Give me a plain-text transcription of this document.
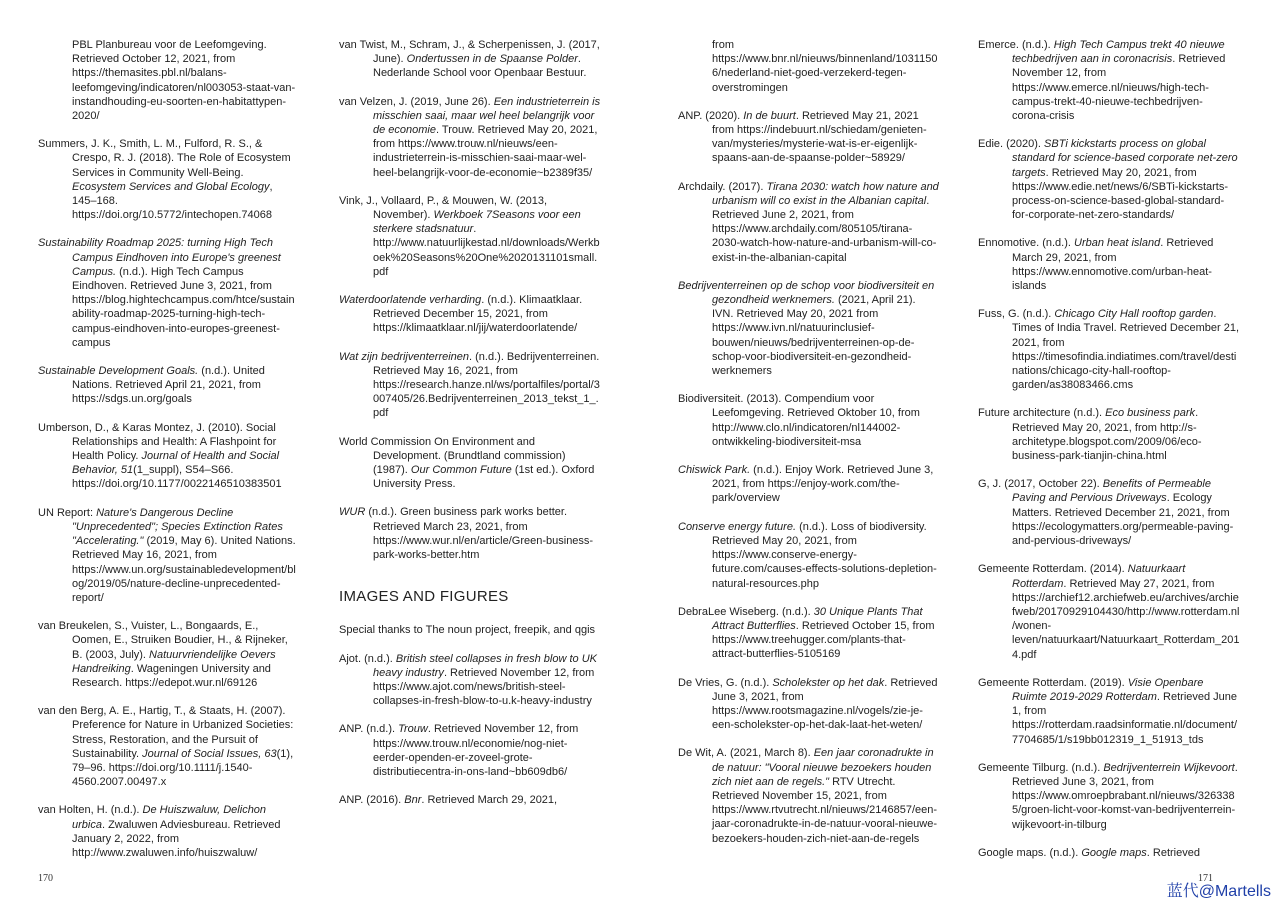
PBL Planbureau voor de Leefomgeving. Retrieved October 12, 2021, from https://themasites.pbl.nl/balans-leefomgeving/indicatoren/nl003053-staat-van-instandhouding-eu-soorten-en-habitattypen-2020/

Summers, J. K., Smith, L. M., Fulford, R. S., & Crespo, R. J. (2018). The Role of Ecosystem Services in Community Well-Being. Ecosystem Services and Global Ecology, 145–168. https://doi.org/10.5772/intechopen.74068

Sustainability Roadmap 2025: turning High Tech Campus Eindhoven into Europe's greenest Campus. (n.d.). High Tech Campus Eindhoven. Retrieved June 3, 2021, from https://blog.hightechcampus.com/htce/sustainability-roadmap-2025-turning-high-tech-campus-eindhoven-into-europes-greenest-campus

Sustainable Development Goals. (n.d.). United Nations. Retrieved April 21, 2021, from https://sdgs.un.org/goals

Umberson, D., & Karas Montez, J. (2010). Social Relationships and Health: A Flashpoint for Health Policy. Journal of Health and Social Behavior, 51(1_suppl), S54–S66. https://doi.org/10.1177/0022146510383501

UN Report: Nature's Dangerous Decline "Unprecedented"; Species Extinction Rates "Accelerating." (2019, May 6). United Nations. Retrieved May 16, 2021, from https://www.un.org/sustainabledevelopment/blog/2019/05/nature-decline-unprecedented-report/

van Breukelen, S., Vuister, L., Bongaards, E., Oomen, E., Struiken Boudier, H., & Rijneker, B. (2003, July). Natuurvriendelijke Oevers Handreiking. Wageningen University and Research. https://edepot.wur.nl/69126

van den Berg, A. E., Hartig, T., & Staats, H. (2007). Preference for Nature in Urbanized Societies: Stress, Restoration, and the Pursuit of Sustainability. Journal of Social Issues, 63(1), 79–96. https://doi.org/10.1111/j.1540-4560.2007.00497.x

van Holten, H. (n.d.). De Huiszwaluw, Delichon urbica. Zwaluwen Adviesbureau. Retrieved January 2, 2022, from http://www.zwaluwen.info/huiszwaluw/

van Twist, M., Schram, J., & Scherpenissen, J. (2017, June). Ondertussen in de Spaanse Polder. Nederlande School voor Openbaar Bestuur.

van Velzen, J. (2019, June 26). Een industrieterrein is misschien saai, maar wel heel belangrijk voor de economie. Trouw. Retrieved May 20, 2021, from https://www.trouw.nl/nieuws/een-industrieterrein-is-misschien-saai-maar-wel-heel-belangrijk-voor-de-economie~b2389f35/

Vink, J., Vollaard, P., & Mouwen, W. (2013, November). Werkboek 7Seasons voor een sterkere stadsnatuur. http://www.natuurlijkestad.nl/downloads/Werkboek%20Seasons%20One%2020131101small.pdf

Waterdoorlatende verharding. (n.d.). Klimaatklaar. Retrieved December 15, 2021, from https://klimaatklaar.nl/jij/waterdoorlatende/

Wat zijn bedrijventerreinen. (n.d.). Bedrijventerreinen. Retrieved May 16, 2021, from https://research.hanze.nl/ws/portalfiles/portal/3007405/26.Bedrijventerreinen_2013_tekst_1_.pdf

World Commission On Environment and Development. (Brundtland commission) (1987). Our Common Future (1st ed.). Oxford University Press.

WUR (n.d.). Green business park works better. Retrieved March 23, 2021, from https://www.wur.nl/en/article/Green-business-park-works-better.htm

IMAGES AND FIGURES

Special thanks to The noun project, freepik, and qgis

Ajot. (n.d.). British steel collapses in fresh blow to UK heavy industry. Retrieved November 12, from https://www.ajot.com/news/british-steel-collapses-in-fresh-blow-to-u.k-heavy-industry

ANP. (n.d.). Trouw. Retrieved November 12, from https://www.trouw.nl/economie/nog-niet-eerder-openden-er-zoveel-grote-distributiecentra-in-ons-land~bb609db6/

ANP. (2016). Bnr. Retrieved March 29, 2021,

from https://www.bnr.nl/nieuws/binnenland/10311506/nederland-niet-goed-verzekerd-tegen-overstromingen

ANP. (2020). In de buurt. Retrieved May 21, 2021 from https://indebuurt.nl/schiedam/genieten-van/mysteries/mysterie-wat-is-er-eigenlijk-spaans-aan-de-spaanse-polder~58929/

Archdaily. (2017). Tirana 2030: watch how nature and urbanism will co exist in the Albanian capital. Retrieved June 2, 2021, from https://www.archdaily.com/805105/tirana-2030-watch-how-nature-and-urbanism-will-co-exist-in-the-albanian-capital

Bedrijventerreinen op de schop voor biodiversiteit en gezondheid werknemers. (2021, April 21). IVN. Retrieved May 20, 2021 from https://www.ivn.nl/natuurinclusief-bouwen/nieuws/bedrijventerreinen-op-de-schop-voor-biodiversiteit-en-gezondheid-werknemers

Biodiversiteit. (2013). Compendium voor Leefomgeving. Retrieved Oktober 10, from http://www.clo.nl/indicatoren/nl144002-ontwikkeling-biodiversiteit-msa

Chiswick Park. (n.d.). Enjoy Work. Retrieved June 3, 2021, from https://enjoy-work.com/the-park/overview

Conserve energy future. (n.d.). Loss of biodiversity. Retrieved May 20, 2021, from https://www.conserve-energy-future.com/causes-effects-solutions-depletion-natural-resources.php

DebraLee Wiseberg. (n.d.). 30 Unique Plants That Attract Butterflies. Retrieved October 15, from https://www.treehugger.com/plants-that-attract-butterflies-5105169

De Vries, G. (n.d.). Scholekster op het dak. Retrieved June 3, 2021, from https://www.rootsmagazine.nl/vogels/zie-je-een-scholekster-op-het-dak-laat-het-weten/

De Wit, A. (2021, March 8). Een jaar coronadrukte in de natuur: "Vooral nieuwe bezoekers houden zich niet aan de regels." RTV Utrecht. Retrieved November 15, 2021, from https://www.rtvutrecht.nl/nieuws/2146857/een-jaar-coronadrukte-in-de-natuur-vooral-nieuwe-bezoekers-houden-zich-niet-aan-de-regels

Emerce. (n.d.). High Tech Campus trekt 40 nieuwe techbedrijven aan in coronacrisis. Retrieved November 12, from https://www.emerce.nl/nieuws/high-tech-campus-trekt-40-nieuwe-techbedrijven-corona-crisis

Edie. (2020). SBTi kickstarts process on global standard for science-based corporate net-zero targets. Retrieved May 20, 2021, from https://www.edie.net/news/6/SBTi-kickstarts-process-on-science-based-global-standard-for-corporate-net-zero-standards/

Ennomotive. (n.d.). Urban heat island. Retrieved March 29, 2021, from https://www.ennomotive.com/urban-heat-islands

Fuss, G. (n.d.). Chicago City Hall rooftop garden. Times of India Travel. Retrieved December 21, 2021, from https://timesofindia.indiatimes.com/travel/destinations/chicago-city-hall-rooftop-garden/as38083466.cms

Future architecture (n.d.). Eco business park. Retrieved May 20, 2021, from http://s-architetype.blogspot.com/2009/06/eco-business-park-tianjin-china.html

G, J. (2017, October 22). Benefits of Permeable Paving and Pervious Driveways. Ecology Matters. Retrieved December 21, 2021, from https://ecologymatters.org/permeable-paving-and-pervious-driveways/

Gemeente Rotterdam. (2014). Natuurkaart Rotterdam. Retrieved May 27, 2021, from https://archief12.archiefweb.eu/archives/archiefweb/20170929104430/http://www.rotterdam.nl/wonen-leven/natuurkaart/Natuurkaart_Rotterdam_2014.pdf

Gemeente Rotterdam. (2019). Visie Openbare Ruimte 2019-2029 Rotterdam. Retrieved June 1, from https://rotterdam.raadsinformatie.nl/document/7704685/1/s19bb012319_1_51913_tds

Gemeente Tilburg. (n.d.). Bedrijventerrein Wijkevoort. Retrieved June 3, 2021, from https://www.omroepbrabant.nl/nieuws/3263385/groen-licht-voor-komst-van-bedrijventerrein-wijkevoort-in-tilburg

Google maps. (n.d.). Google maps. Retrieved

170	171
蓝代@Martells
